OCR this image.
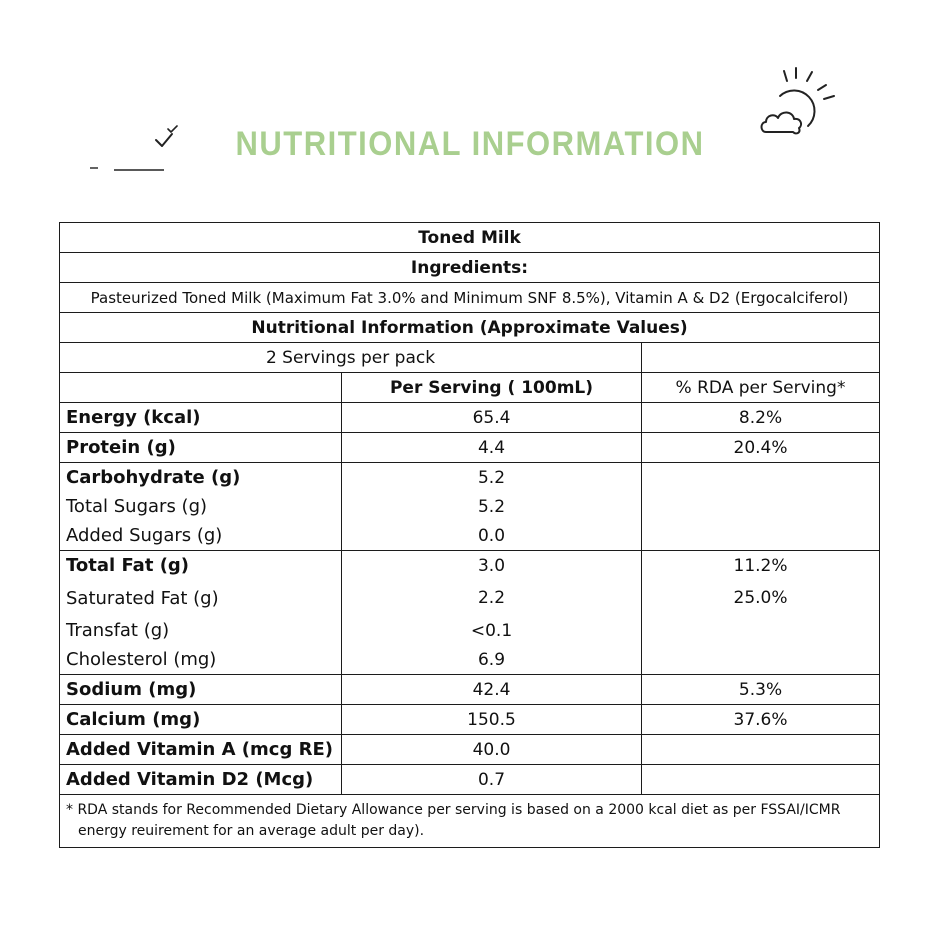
NUTRITIONAL INFORMATION
Toned Milk		
Ingredients:		
Pasteurized Toned Milk (Maximum Fat 3.0% and Minimum SNF 8.5%), Vitamin A & D2 (Ergocalciferol)		
Nutritional Information (Approximate Values)		
2 Servings per pack		
	Per Serving ( 100mL)	% RDA per Serving*
Energy (kcal)	65.4	8.2%
Protein (g)	4.4	20.4%
Carbohydrate (g)	5.2	
Total Sugars (g)	5.2	
Added Sugars (g)	0.0	
Total Fat (g)	3.0	11.2%
Saturated Fat (g)	2.2	25.0%
Transfat (g)	<0.1	
Cholesterol (mg)	6.9	
Sodium (mg)	42.4	5.3%
Calcium (mg)	150.5	37.6%
Added Vitamin A (mcg RE)	40.0	
Added Vitamin D2 (Mcg)	0.7	

* RDA stands for Recommended Dietary Allowance per serving is based on a 2000 kcal diet as per FSSAI/ICMR
energy reuirement for an average adult per day).		
